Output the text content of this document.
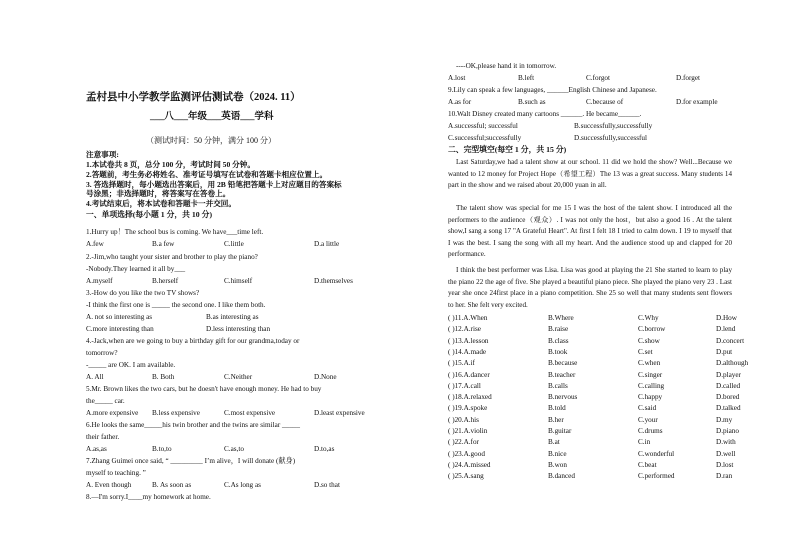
孟村县中小学教学监测评估测试卷（2024. 11）
___八___年级___英语___学科
（测试时间：50 分钟，满分 100 分）
注意事项:
1.本试卷共 8 页，总分 100 分，考试时间 50 分钟。
2.答题前，考生务必将姓名、准考证号填写在试卷和答题卡相应位置上。
3. 答选择题时，每小题选出答案后，用 2B 铅笔把答题卡上对应题目的答案标
号涂黑；非选择题时，将答案写在答卷上。
4.考试结束后，将本试卷和答题卡一并交回。
一、单项选择(每小题 1 分，共 10 分)
1.Hurry up！The school bus is coming. We have___time left.
A.few	B.a few	C.little	D.a little
2.-Jim,who taught your sister and brother to play the piano?
-Nobody.They learned it all by___
A.myself	B.herself	C.himself	D.themselves
3.-How do you like the two TV shows?
-I think the first one is _____ the second one. I like them both.
A. not so interesting as	B.as interesting as
C.more interesting than	D.less interesting than
4.-Jack,when are we going to buy a birthday gift for our grandma,today or
tomorrow?
-_____ are OK. I am available.
A. All	B. Both	C.Neither	D.None
5.Mr. Brown likes the two cars, but he doesn't have enough money. He had to buy
the_____ car.
A.more expensive B.less expensive	C.most expensive	D.least expensive
6.He looks the same_____his twin brother and the twins are similar _____
their father.
A.as,as	B.to,to	C.as,to	D.to,as
7.Zhang Guimei once said, “ _________ I’m alive，I will donate (献身)
myself to teaching. ”
A. Even though	B. As soon as	C.As long as	D.so that
8.—I'm sorry.I____my homework at home.
二、完型填空(每空 1 分，共 15 分)
Last Saturday,we had a talent show at our school. 11 did we hold the show? Well...Because we wanted to 12 money for Project Hope（希望工程）The 13 was a great success. Many students 14 part in the show and we raised about 20,000 yuan in all.
The talent show was special for me 15 I was the host of the talent show. I introduced all the performers to the audience（观众）. I was not only the host，but also a good 16 . At the talent show,I sang a song 17 "A Grateful Heart". At first I felt 18 I tried to calm down. I 19 to myself that I was the best. I sang the song with all my heart. And the audience stood up and clapped for 20 performance.
I think the best performer was Lisa. Lisa was good at playing the 21 She started to learn to play the piano 22 the age of five. She played a beautiful piano piece. She played the piano very 23 . Last year she once 24first place in a piano competition. She 25 so well that many students sent flowers to her. She felt very excited.
----OK,please hand it in tomorrow.
A.lost	B.left	C.forgot	D.forget
9.Lily can speak a few languages, ______English Chinese and Japanese.
A.as for	B.such as	C.because of	D.for example
10.Walt Disney created many cartoons ______. He became______.
A.successful; successful	B.successfully,successfully
C.successful;successfully	D.successfully,successful
( )11.A.When	B.Where	C.Why	D.How
( )12.A.rise	B.raise	C.borrow	D.lend
( )13.A.lesson	B.class	C.show	D.concert
( )14.A.made	B.took	C.set	D.put
( )15.A.if	B.because	C.when	D.although
( )16.A.dancer	B.teacher	C.singer	D.player
( )17.A.call	B.calls	C.calling	D.called
( )18.A.relaxed	B.nervous	C.happy	D.bored
( )19.A.spoke	B.told	C.said	D.talked
( )20.A.his	B.her	C.your	D.my
( )21.A.violin	B.guitar	C.drums	D.piano
( )22.A.for	B.at	C.in	D.with
( )23.A.good	B.nice	C.wonderful	D.well
( )24.A.missed	B.won	C.beat	D.lost
( )25.A.sang	B.danced	C.performed	D.ran
